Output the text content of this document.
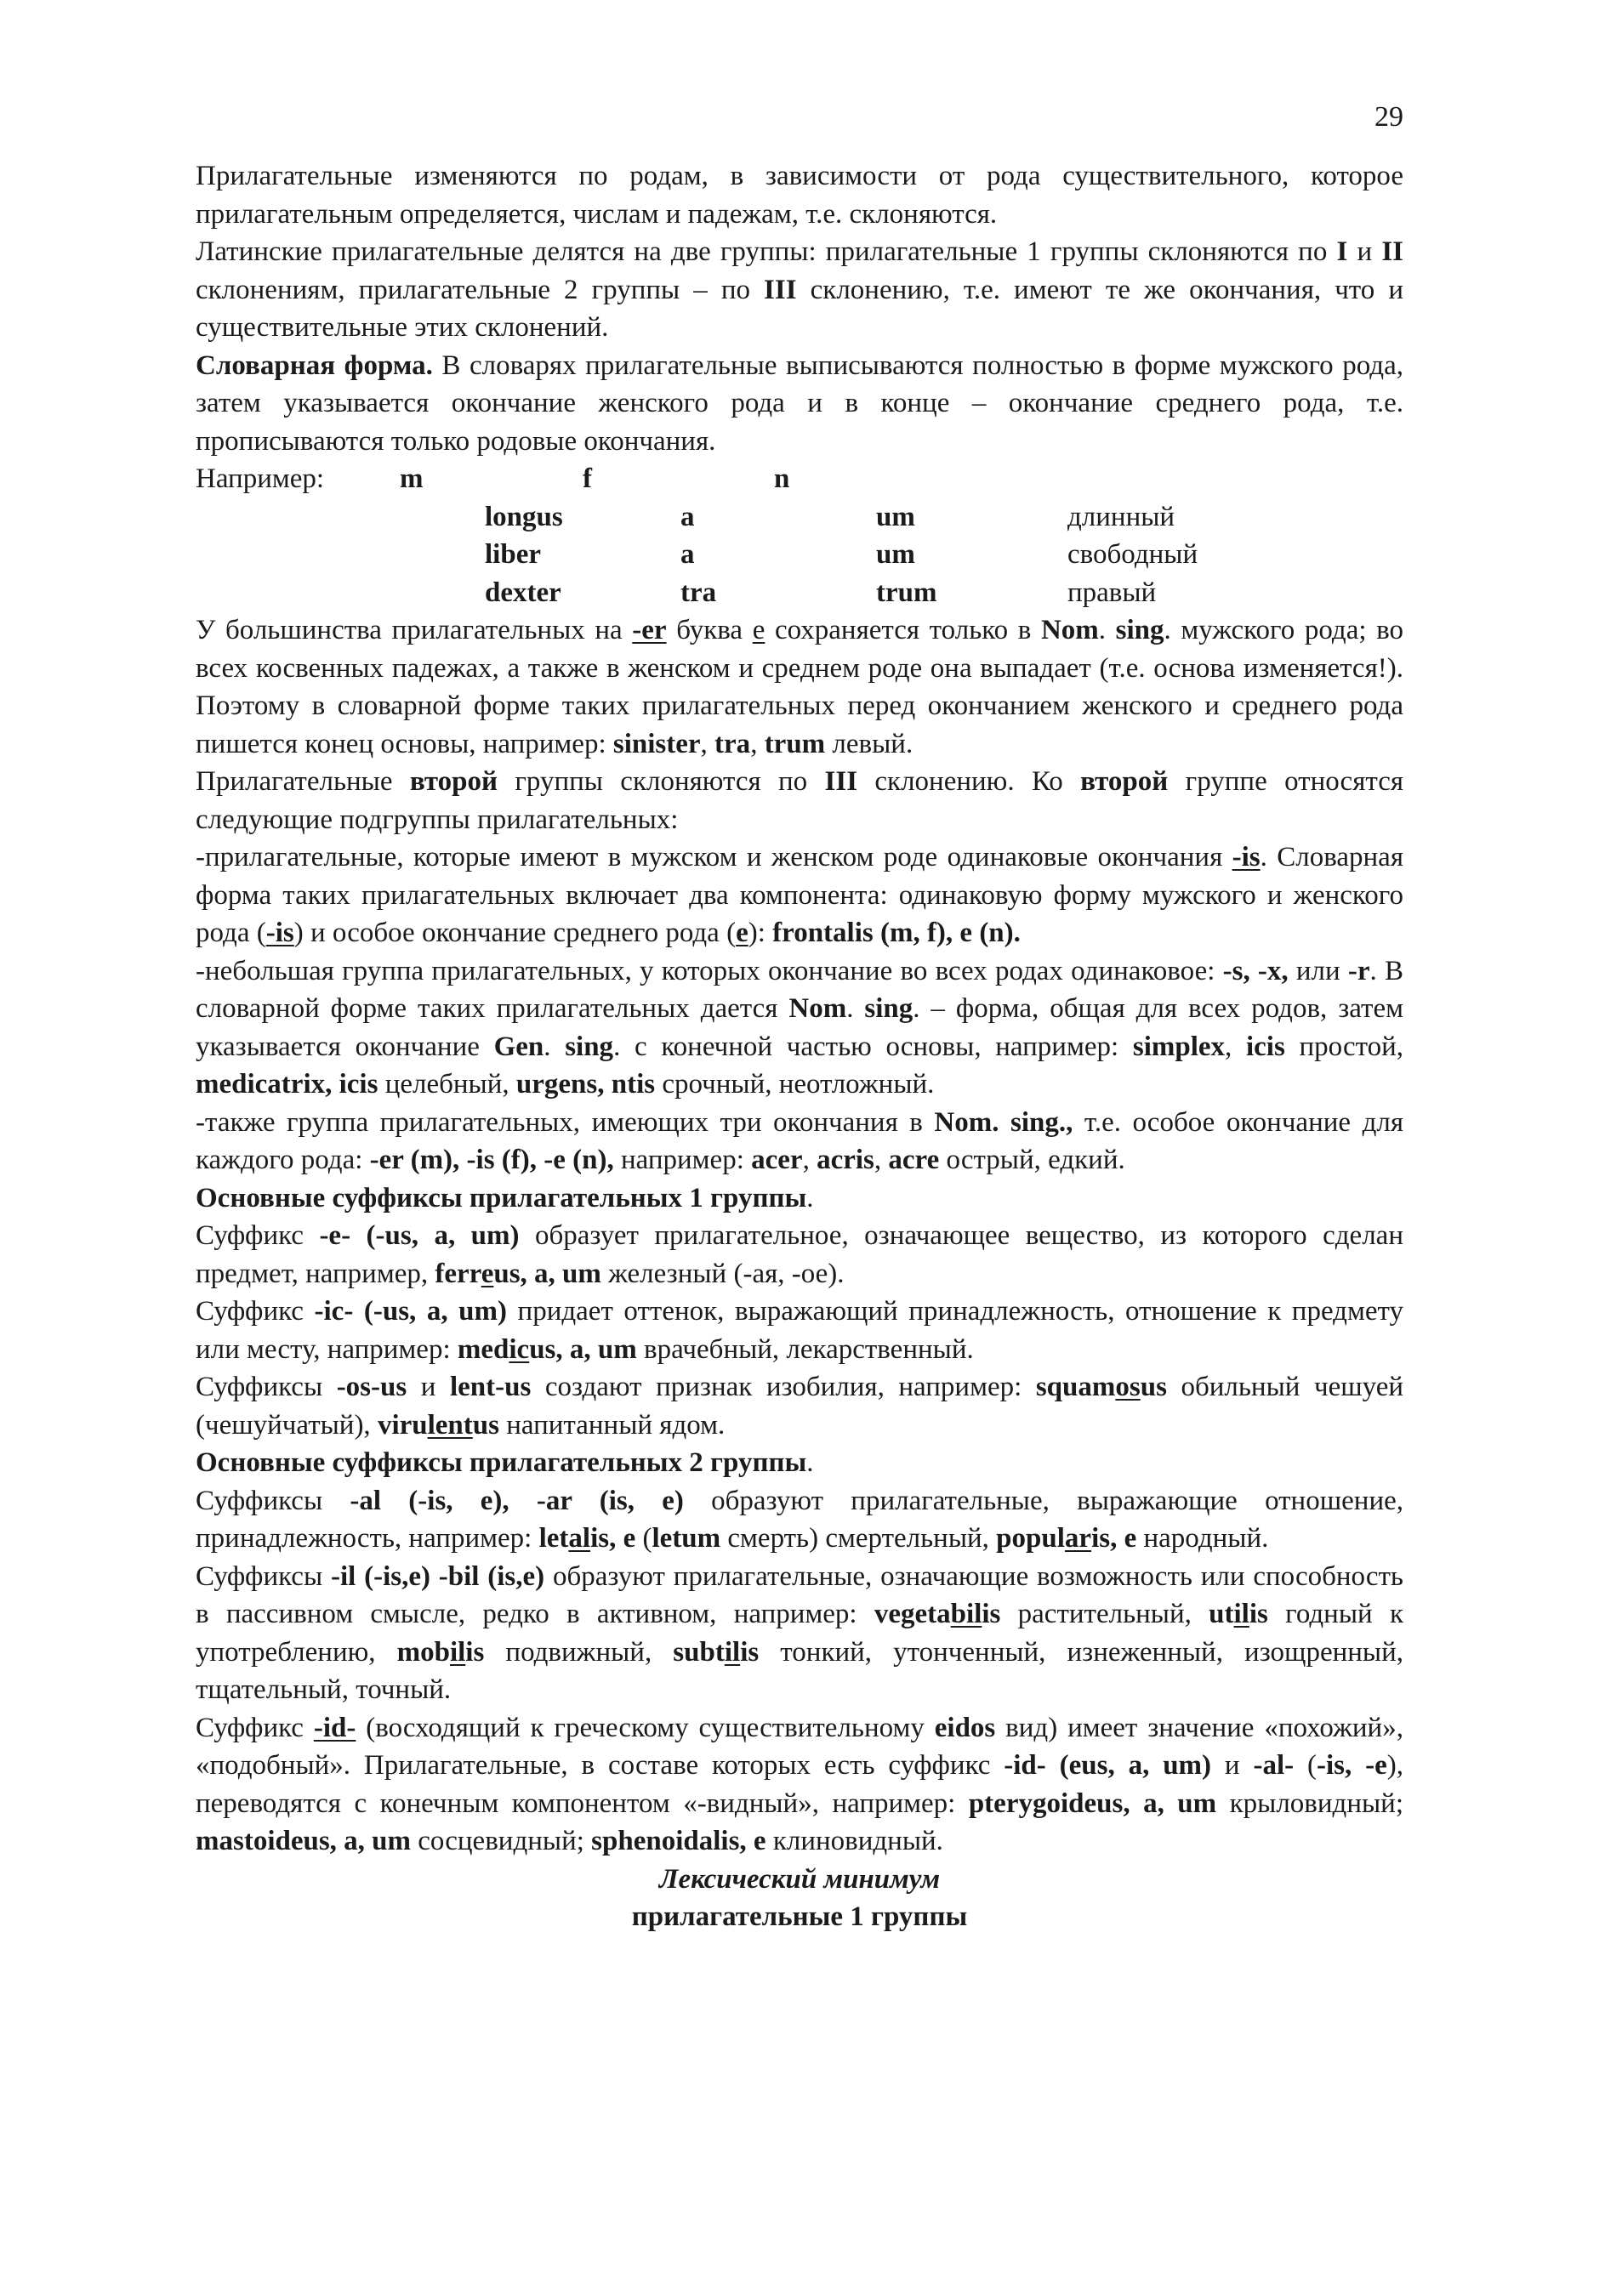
29

Прилагательные изменяются по родам, в зависимости от рода существительного, которое прилагательным определяется, числам и падежам, т.е. склоняются.

Латинские прилагательные делятся на две группы: прилагательные 1 группы склоняются по I и II склонениям, прилагательные 2 группы – по III склонению, т.е. имеют те же окончания, что и существительные этих склонений.

Словарная форма. В словарях прилагательные выписываются полностью в форме мужского рода, затем указывается окончание женского рода и в конце – окончание среднего рода, т.е. прописываются только родовые окончания.

Например:	m	f	n
longus	a	um	длинный
liber	a	um	свободный
dexter	tra	trum	правый

У большинства прилагательных на -er буква e сохраняется только в Nom. sing. мужского рода; во всех косвенных падежах, а также в женском и среднем роде она выпадает (т.е. основа изменяется!). Поэтому в словарной форме таких прилагательных перед окончанием женского и среднего рода пишется конец основы, например: sinister, tra, trum левый.

Прилагательные второй группы склоняются по III склонению. Ко второй группе относятся следующие подгруппы прилагательных:

-прилагательные, которые имеют в мужском и женском роде одинаковые окончания -is. Словарная форма таких прилагательных включает два компонента: одинаковую форму мужского и женского рода (-is) и особое окончание среднего рода (e): frontalis (m, f), e (n).

-небольшая группа прилагательных, у которых окончание во всех родах одинаковое: -s, -x, или -r. В словарной форме таких прилагательных дается Nom. sing. – форма, общая для всех родов, затем указывается окончание Gen. sing. с конечной частью основы, например: simplex, icis простой, medicatrix, icis целебный, urgens, ntis срочный, неотложный.

-также группа прилагательных, имеющих три окончания в Nom. sing., т.е. особое окончание для каждого рода: -er (m), -is (f), -e (n), например: acer, acris, acre острый, едкий.

Основные суффиксы прилагательных 1 группы.

Суффикс -e- (-us, a, um) образует прилагательное, означающее вещество, из которого сделан предмет, например, ferreus, a, um железный (-ая, -ое).

Суффикс -ic- (-us, a, um) придает оттенок, выражающий принадлежность, отношение к предмету или месту, например: medicus, a, um врачебный, лекарственный.

Суффиксы -os-us и lent-us создают признак изобилия, например: squamosus обильный чешуей (чешуйчатый), virulentus напитанный ядом.

Основные суффиксы прилагательных 2 группы.

Суффиксы -al (-is, e), -ar (is, e) образуют прилагательные, выражающие отношение, принадлежность, например: letalis, e (letum смерть) смертельный, popularis, e народный.

Суффиксы -il (-is,e) -bil (is,e) образуют прилагательные, означающие возможность или способность в пассивном смысле, редко в активном, например: vegetabilis растительный, utilis годный к употреблению, mobilis подвижный, subtilis тонкий, утонченный, изнеженный, изощренный, тщательный, точный.

Суффикс -id- (восходящий к греческому существительному eidos вид) имеет значение «похожий», «подобный». Прилагательные, в составе которых есть суффикс -id- (eus, a, um) и -al- (-is, -e), переводятся с конечным компонентом «-видный», например: pterygoideus, a, um крыловидный; mastoideus, a, um сосцевидный; sphenoidalis, e клиновидный.

Лексический минимум

прилагательные 1 группы
